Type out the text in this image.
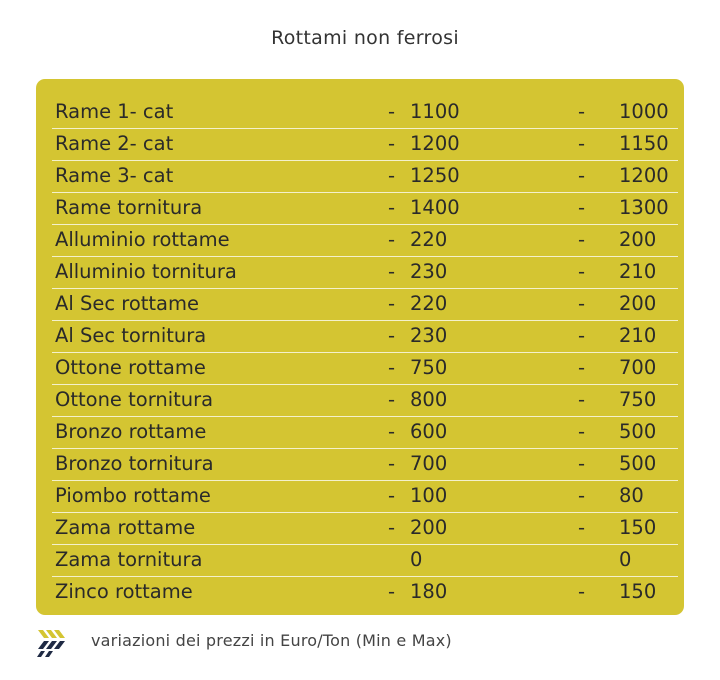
Rottami non ferrosi
Rame 1- cat	- 1100	- 1000
Rame 2- cat	- 1200	- 1150
Rame 3- cat	- 1250	- 1200
Rame tornitura	- 1400	- 1300
Alluminio rottame	- 220	- 200
Alluminio tornitura	- 230	- 210
Al Sec rottame	- 220	- 200
Al Sec tornitura	- 230	- 210
Ottone rottame	- 750	- 700
Ottone tornitura	- 800	- 750
Bronzo rottame	- 600	- 500
Bronzo tornitura	- 700	- 500
Piombo rottame	- 100	- 80
Zama rottame	- 200	- 150
Zama tornitura	0	0
Zinco rottame	- 180	- 150
variazioni dei prezzi in Euro/Ton (Min e Max)
